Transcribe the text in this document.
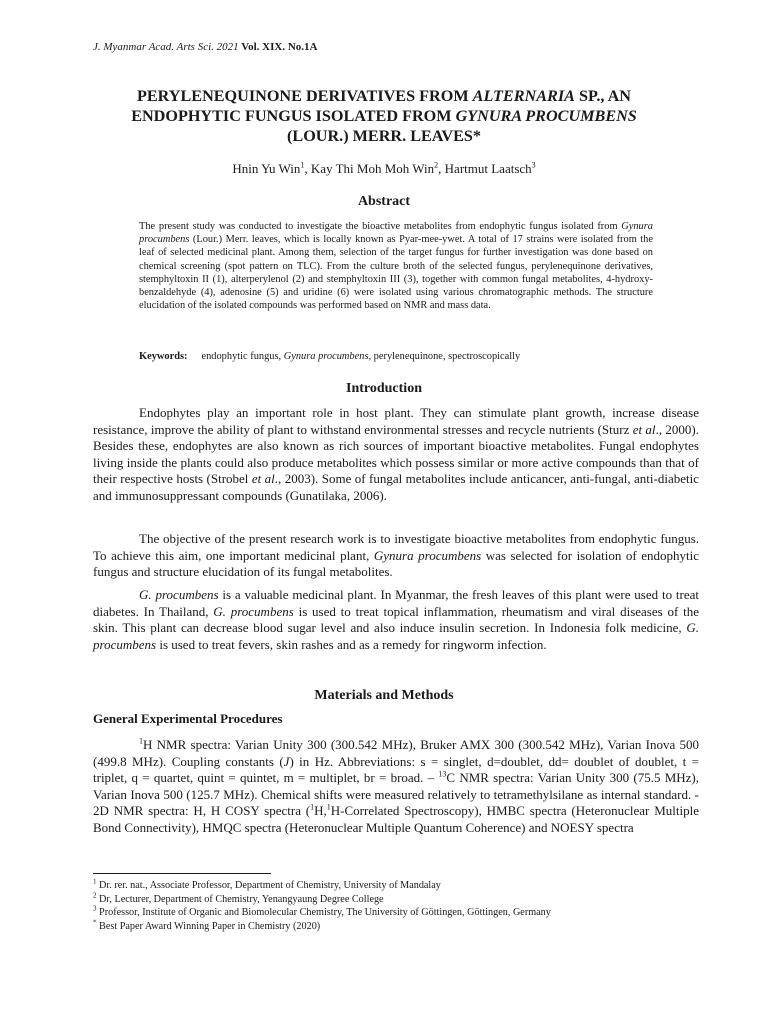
J. Myanmar Acad. Arts Sci. 2021 Vol. XIX. No.1A
PERYLENEQUINONE DERIVATIVES FROM ALTERNARIA SP., AN
ENDOPHYTIC FUNGUS ISOLATED FROM GYNURA PROCUMBENS
(LOUR.) MERR. LEAVES*
Hnin Yu Win$^1$, Kay Thi Moh Moh Win$^2$, Hartmut Laatsch$^3$
Abstract
The present study was conducted to investigate the bioactive metabolites from endophytic fungus isolated from Gynura procumbens (Lour.) Merr. leaves, which is locally known as Pyar-mee-ywet. A total of 17 strains were isolated from the leaf of selected medicinal plant. Among them, selection of the target fungus for further investigation was done based on chemical screening (spot pattern on TLC). From the culture broth of the selected fungus, perylenequinone derivatives, stemphyltoxin II (1), alterperylenol (2) and stemphyltoxin III (3), together with common fungal metabolites, 4-hydroxy-benzaldehyde (4), adenosine (5) and uridine (6) were isolated using various chromatographic methods. The structure elucidation of the isolated compounds was performed based on NMR and mass data.
Keywords: endophytic fungus, Gynura procumbens, perylenequinone, spectroscopically
Introduction

Endophytes play an important role in host plant. They can stimulate plant growth, increase disease resistance, improve the ability of plant to withstand environmental stresses and recycle nutrients (Sturz et al., 2000). Besides these, endophytes are also known as rich sources of important bioactive metabolites. Fungal endophytes living inside the plants could also produce metabolites which possess similar or more active compounds than that of their respective hosts (Strobel et al., 2003). Some of fungal metabolites include anticancer, anti-fungal, anti-diabetic and immunosuppressant compounds (Gunatilaka, 2006).

The objective of the present research work is to investigate bioactive metabolites from endophytic fungus. To achieve this aim, one important medicinal plant, Gynura procumbens was selected for isolation of endophytic fungus and structure elucidation of its fungal metabolites.

G. procumbens is a valuable medicinal plant. In Myanmar, the fresh leaves of this plant were used to treat diabetes. In Thailand, G. procumbens is used to treat topical inflammation, rheumatism and viral diseases of the skin. This plant can decrease blood sugar level and also induce insulin secretion. In Indonesia folk medicine, G. procumbens is used to treat fevers, skin rashes and as a remedy for ringworm infection.

Materials and Methods
General Experimental Procedures

$^1$H NMR spectra: Varian Unity 300 (300.542 MHz), Bruker AMX 300 (300.542 MHz), Varian Inova 500 (499.8 MHz). Coupling constants (J) in Hz. Abbreviations: s = singlet, d=doublet, dd= doublet of doublet, t = triplet, q = quartet, quint = quintet, m = multiplet, br = broad. – $^{13}$C NMR spectra: Varian Unity 300 (75.5 MHz), Varian Inova 500 (125.7 MHz). Chemical shifts were measured relatively to tetramethylsilane as internal standard. - 2D NMR spectra: H, H COSY spectra ($^1$H,$^1$H-Correlated Spectroscopy), HMBC spectra (Heteronuclear Multiple Bond Connectivity), HMQC spectra (Heteronuclear Multiple Quantum Coherence) and NOESY spectra

$^1$ Dr. rer. nat., Associate Professor, Department of Chemistry, University of Mandalay
$^2$ Dr, Lecturer, Department of Chemistry, Yenangyaung Degree College
$^3$ Professor, Institute of Organic and Biomolecular Chemistry, The University of Göttingen, Göttingen, Germany
* Best Paper Award Winning Paper in Chemistry (2020)
